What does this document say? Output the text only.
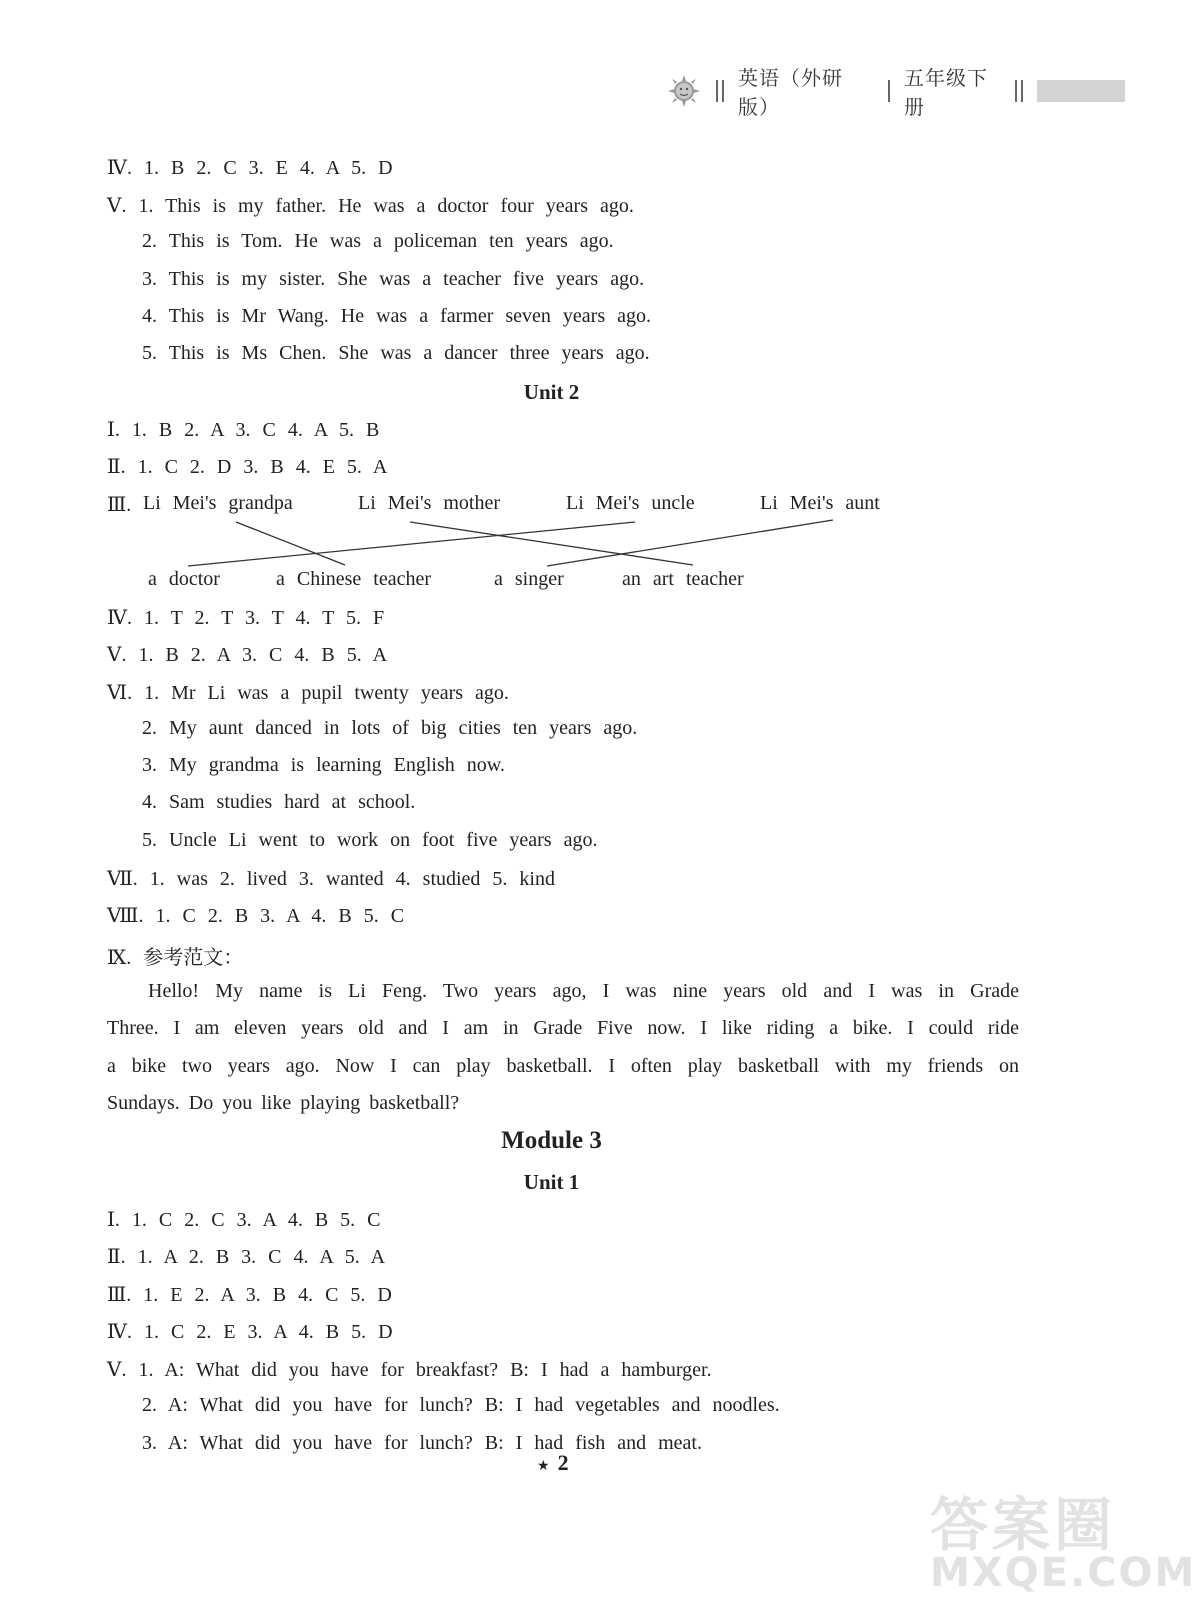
英语（外研版）
五年级下册
Ⅳ. 1. B 2. C 3. E 4. A 5. D
Ⅴ. 1. This is my father. He was a doctor four years ago.
2. This is Tom. He was a policeman ten years ago.
3. This is my sister. She was a teacher five years ago.
4. This is Mr Wang. He was a farmer seven years ago.
5. This is Ms Chen. She was a dancer three years ago.
Unit 2
Ⅰ. 1. B 2. A 3. C 4. A 5. B
Ⅱ. 1. C 2. D 3. B 4. E 5. A
Ⅲ. Li Mei's grandpa	Li Mei's mother	Li Mei's uncle	Li Mei's aunt
a doctor	a Chinese teacher	a singer	an art teacher
Ⅳ. 1. T 2. T 3. T 4. T 5. F
Ⅴ. 1. B 2. A 3. C 4. B 5. A
Ⅵ. 1. Mr Li was a pupil twenty years ago.
2. My aunt danced in lots of big cities ten years ago.
3. My grandma is learning English now.
4. Sam studies hard at school.
5. Uncle Li went to work on foot five years ago.
Ⅶ. 1. was 2. lived 3. wanted 4. studied 5. kind
Ⅷ. 1. C 2. B 3. A 4. B 5. C
Ⅸ. 参考范文：
Hello! My name is Li Feng. Two years ago, I was nine years old and I was in Grade
Three. I am eleven years old and I am in Grade Five now. I like riding a bike. I could ride
a bike two years ago. Now I can play basketball. I often play basketball with my friends on
Sundays. Do you like playing basketball?
Module 3
Unit 1
Ⅰ. 1. C 2. C 3. A 4. B 5. C
Ⅱ. 1. A 2. B 3. C 4. A 5. A
Ⅲ. 1. E 2. A 3. B 4. C 5. D
Ⅳ. 1. C 2. E 3. A 4. B 5. D
Ⅴ. 1. A: What did you have for breakfast? B: I had a hamburger.
2. A: What did you have for lunch? B: I had vegetables and noodles.
3. A: What did you have for lunch? B: I had fish and meat.
★ 2
答案圈
MXQE.COM
